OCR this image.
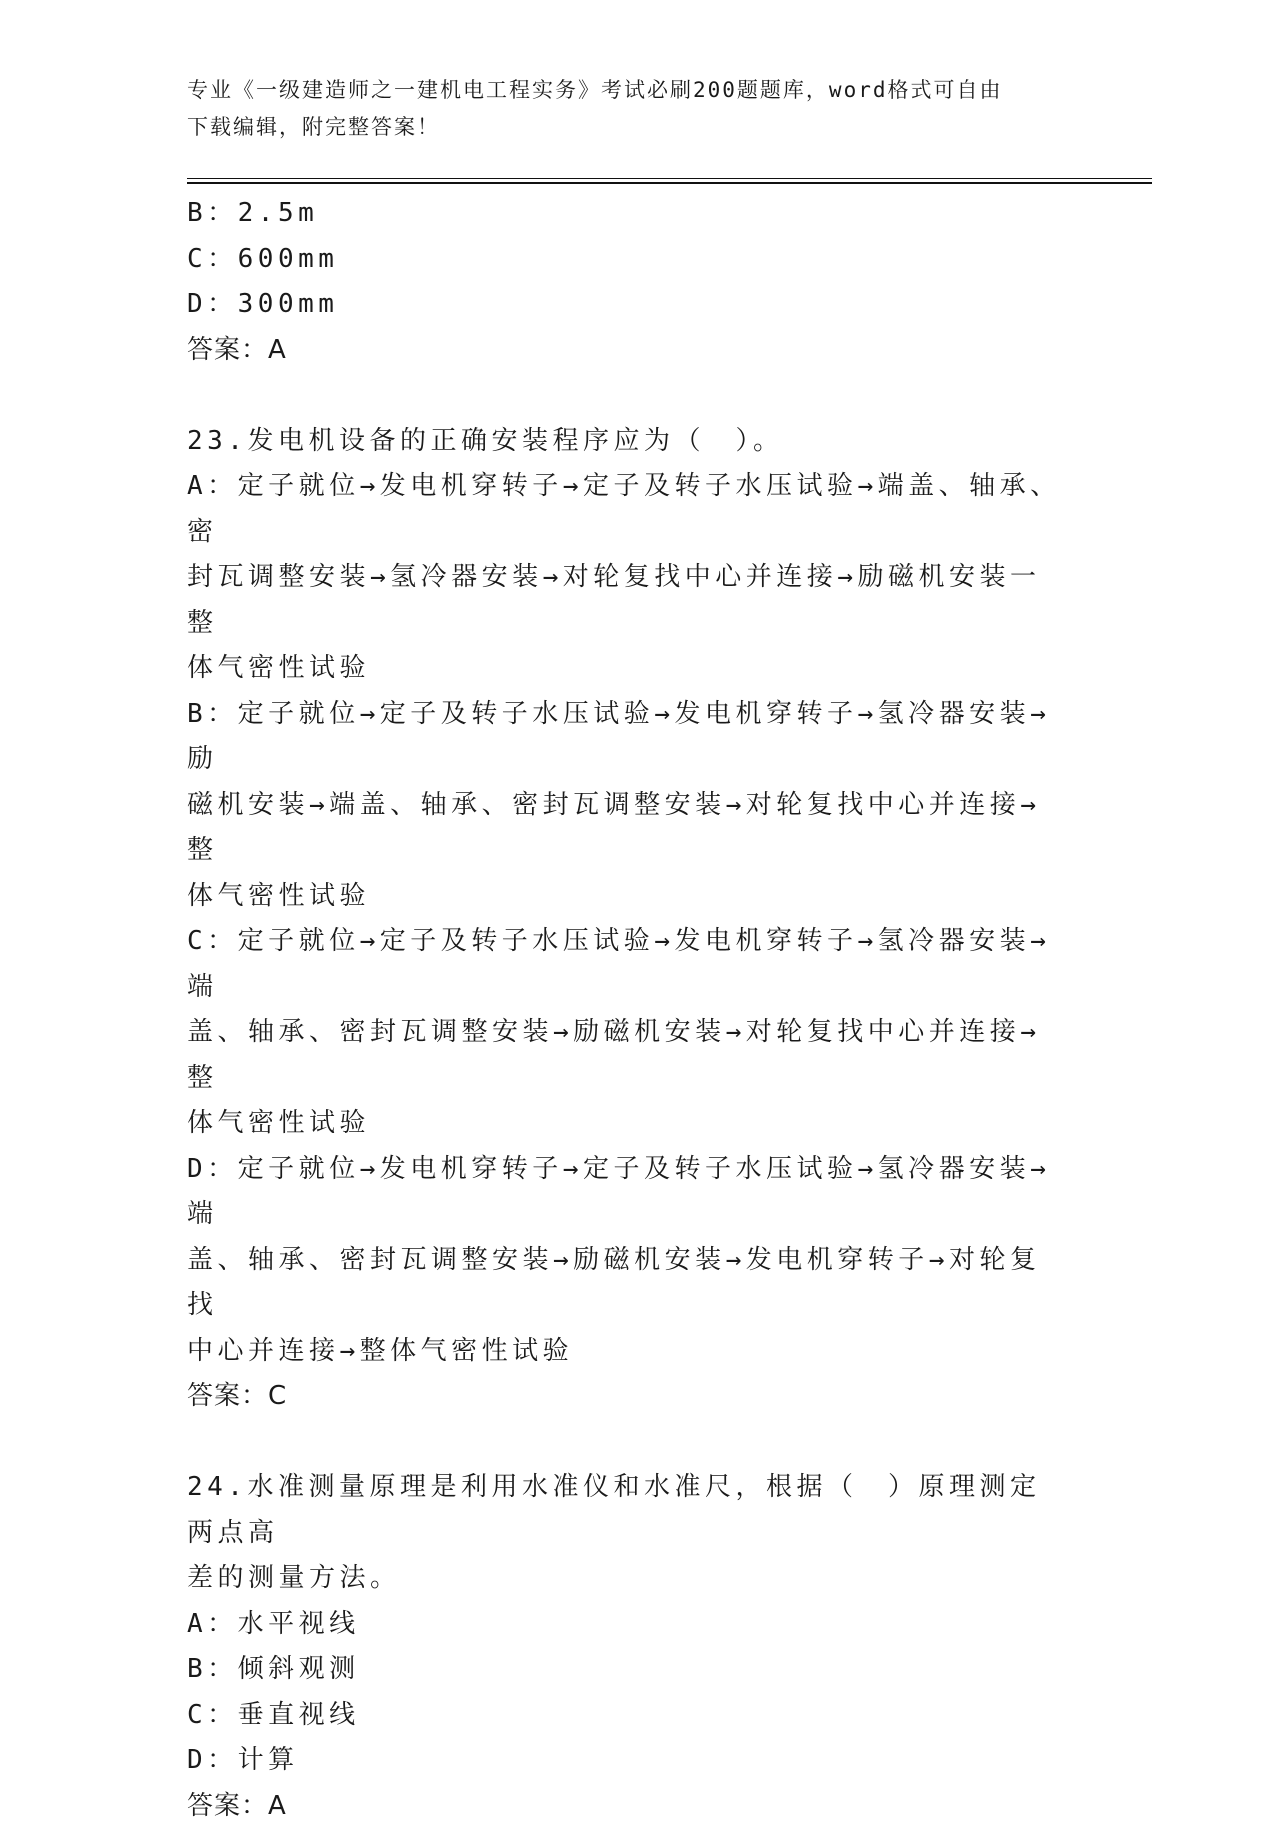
专业《一级建造师之一建机电工程实务》考试必刷200题题库，word格式可自由
下载编辑，附完整答案！
B：2.5m
C：600mm
D：300mm
答案：A
23.发电机设备的正确安装程序应为（　）。
A：定子就位→发电机穿转子→定子及转子水压试验→端盖、轴承、密
封瓦调整安装→氢冷器安装→对轮复找中心并连接→励磁机安装一整
体气密性试验
B：定子就位→定子及转子水压试验→发电机穿转子→氢冷器安装→励
磁机安装→端盖、轴承、密封瓦调整安装→对轮复找中心并连接→整
体气密性试验
C：定子就位→定子及转子水压试验→发电机穿转子→氢冷器安装→端
盖、轴承、密封瓦调整安装→励磁机安装→对轮复找中心并连接→整
体气密性试验
D：定子就位→发电机穿转子→定子及转子水压试验→氢冷器安装→端
盖、轴承、密封瓦调整安装→励磁机安装→发电机穿转子→对轮复找
中心并连接→整体气密性试验
答案：C
24.水准测量原理是利用水准仪和水准尺，根据（　）原理测定两点高
差的测量方法。
A：水平视线
B：倾斜观测
C：垂直视线
D：计算
答案：A
